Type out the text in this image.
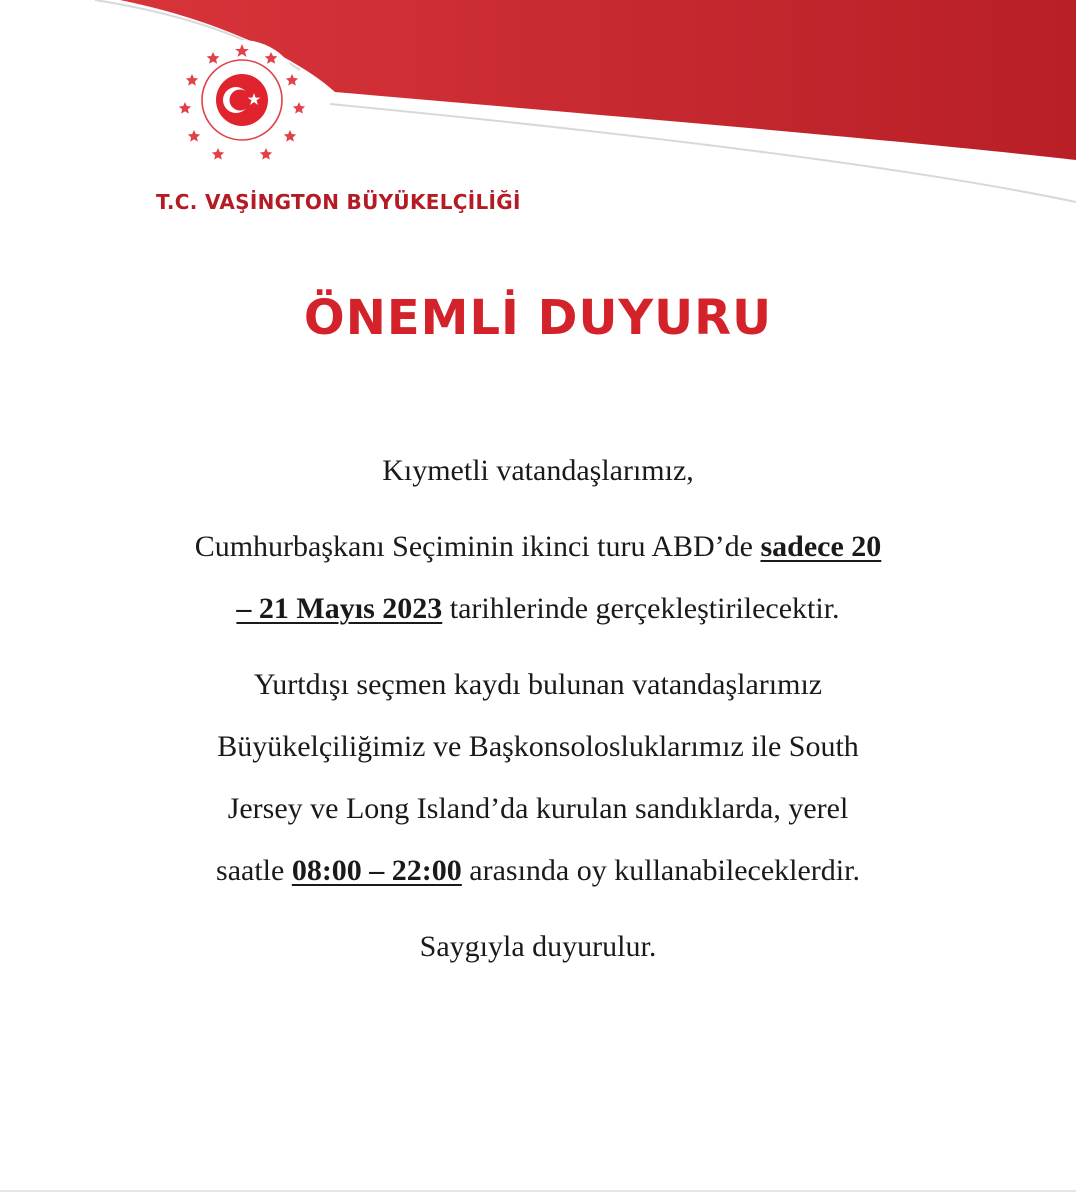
T.C. VAŞİNGTON BÜYÜKELÇİLİĞİ
ÖNEMLİ DUYURU

Kıymetli vatandaşlarımız,

Cumhurbaşkanı Seçiminin ikinci turu ABD’de sadece 20
– 21 Mayıs 2023 tarihlerinde gerçekleştirilecektir.

Yurtdışı seçmen kaydı bulunan vatandaşlarımız
Büyükelçiliğimiz ve Başkonsolosluklarımız ile South
Jersey ve Long Island’da kurulan sandıklarda, yerel
saatle 08:00 – 22:00 arasında oy kullanabileceklerdir.

Saygıyla duyurulur.
